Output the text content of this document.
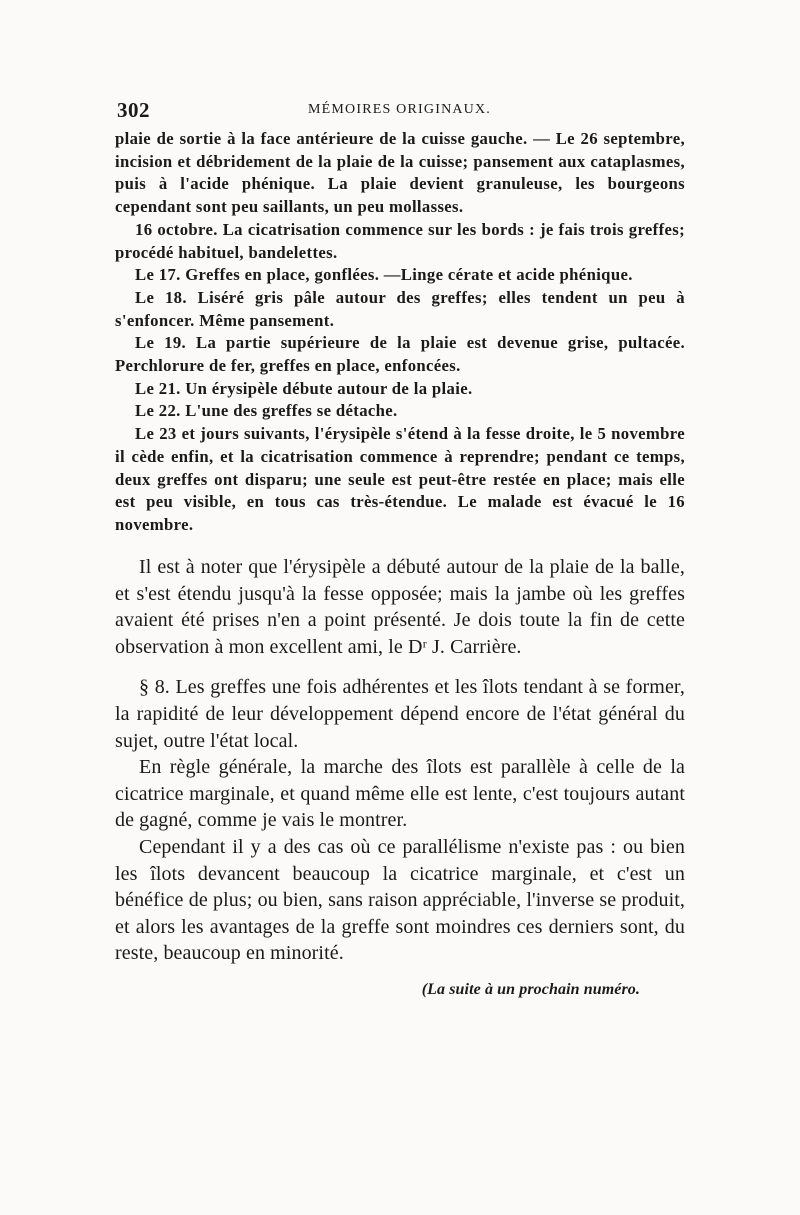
302	MÉMOIRES ORIGINAUX.

plaie de sortie à la face antérieure de la cuisse gauche. — Le 26 septembre, incision et débridement de la plaie de la cuisse; pansement aux cataplasmes, puis à l'acide phénique. La plaie devient granuleuse, les bourgeons cependant sont peu saillants, un peu mollasses.

16 octobre. La cicatrisation commence sur les bords : je fais trois greffes; procédé habituel, bandelettes.

Le 17. Greffes en place, gonflées. —Linge cérate et acide phénique.

Le 18. Liséré gris pâle autour des greffes; elles tendent un peu à s'enfoncer. Même pansement.

Le 19. La partie supérieure de la plaie est devenue grise, pultacée. Perchlorure de fer, greffes en place, enfoncées.

Le 21. Un érysipèle débute autour de la plaie.

Le 22. L'une des greffes se détache.

Le 23 et jours suivants, l'érysipèle s'étend à la fesse droite, le 5 novembre il cède enfin, et la cicatrisation commence à reprendre; pendant ce temps, deux greffes ont disparu; une seule est peut-être restée en place; mais elle est peu visible, en tous cas très-étendue. Le malade est évacué le 16 novembre.

Il est à noter que l'érysipèle a débuté autour de la plaie de la balle, et s'est étendu jusqu'à la fesse opposée; mais la jambe où les greffes avaient été prises n'en a point présenté. Je dois toute la fin de cette observation à mon excellent ami, le Dʳ J. Carrière.

§ 8. Les greffes une fois adhérentes et les îlots tendant à se former, la rapidité de leur développement dépend encore de l'état général du sujet, outre l'état local.

En règle générale, la marche des îlots est parallèle à celle de la cicatrice marginale, et quand même elle est lente, c'est toujours autant de gagné, comme je vais le montrer.

Cependant il y a des cas où ce parallélisme n'existe pas : ou bien les îlots devancent beaucoup la cicatrice marginale, et c'est un bénéfice de plus; ou bien, sans raison appréciable, l'inverse se produit, et alors les avantages de la greffe sont moindres ces derniers sont, du reste, beaucoup en minorité.

(La suite à un prochain numéro.
